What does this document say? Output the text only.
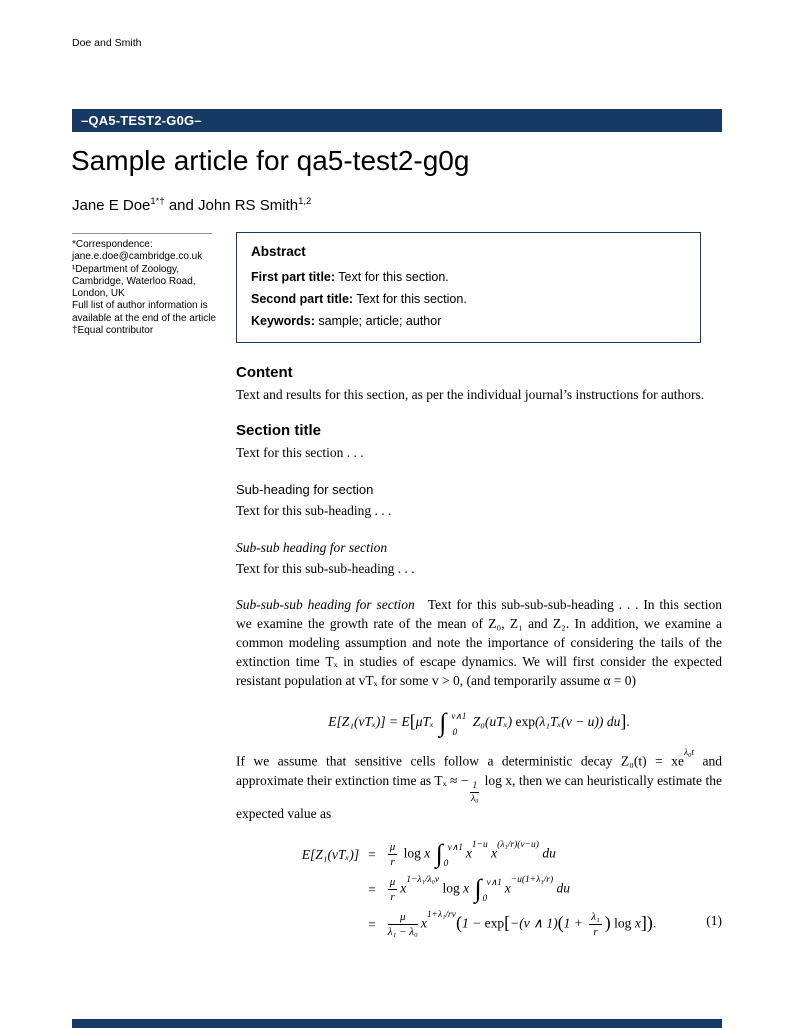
Doe and Smith
–QA5-TEST2-G0G–
Sample article for qa5-test2-g0g
Jane E Doe$^{1*\dagger}$ and John RS Smith$^{1,2}$
*Correspondence:
jane.e.doe@cambridge.co.uk
¹Department of Zoology,
Cambridge, Waterloo Road,
London, UK
Full list of author information is
available at the end of the article
†Equal contributor
Abstract

First part title: Text for this section.

Second part title: Text for this section.

Keywords: sample; article; author

Content

Text and results for this section, as per the individual journal’s instructions for authors.

Section title

Text for this section . . .

Sub-heading for section

Text for this sub-heading . . .

Sub-sub heading for section

Text for this sub-sub-heading . . .

Sub-sub-sub heading for section Text for this sub-sub-sub-heading . . . In this section we examine the growth rate of the mean of Z₀, Z₁ and Z₂. In addition, we examine a common modeling assumption and note the importance of considering the tails of the extinction time Tₓ in studies of escape dynamics. We will first consider the expected resistant population at vTₓ for some v > 0, (and temporarily assume α = 0)

E[Z₁(vTₓ)] = E[μTₓ ∫ v∧1
0
Z₀(uTₓ) exp(λ₁Tₓ(v − u)) du].

If we assume that sensitive cells follow a deterministic decay $Z_0(t) = xe^{\lambda_0t}$ and approximate their extinction time as Tₓ ≈ −
$\frac{1}{\text{λ₀}}$
log x, then we can heuristically estimate the expected value as

E[Z₁(vTₓ)]	=	$\frac{\mu}{r}$ log x ∫ v∧1
0
$x^{1-u}$ $x^{(\lambda_1/r)(v-u)}$ du
	=	$\frac{\mu}{r} x^{1-\lambda_1/\lambda_0v}$ log x ∫ v∧1
0
$x^{-u(1+\lambda_1/r)}$ du
	=	$\frac{\mu}{\text{λ₁ − λ₀}} x^{1+\lambda_1/rv}(1 - \exp[-(v$ ∧ $1)(1 + \frac{\text{λ₁}}{r}$ ) log x]).	(1)
